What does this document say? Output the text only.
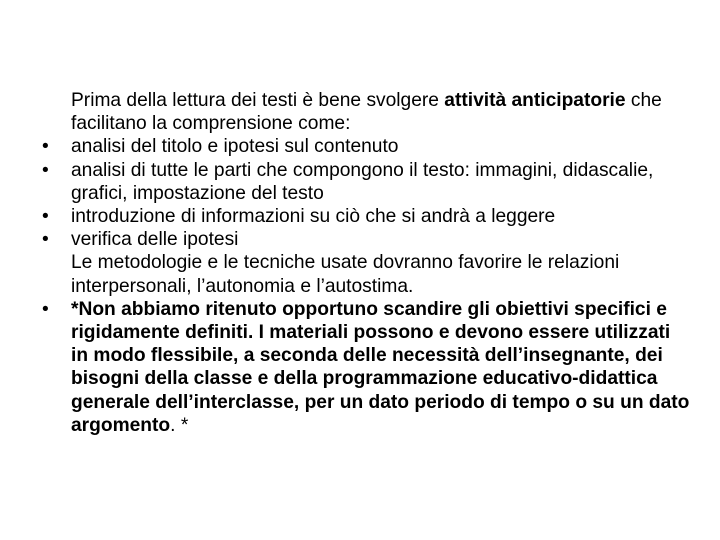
Prima della lettura dei testi è bene svolgere attività anticipatorie che facilitano la comprensione come:

•	analisi del titolo e ipotesi sul contenuto

•	analisi di tutte le parti che compongono il testo: immagini, didascalie, grafici, impostazione del testo

•	introduzione di informazioni su ciò che si andrà a leggere

•	verifica delle ipotesi

Le metodologie e le tecniche usate dovranno favorire le relazioni interpersonali, l’autonomia e l’autostima.

•	*Non abbiamo ritenuto opportuno scandire gli obiettivi specifici e rigidamente definiti. I materiali possono e devono essere utilizzati in modo flessibile, a seconda delle necessità dell’insegnante, dei bisogni della classe e della programmazione educativo-didattica generale dell’interclasse, per un dato periodo di tempo o su un dato argomento. *
